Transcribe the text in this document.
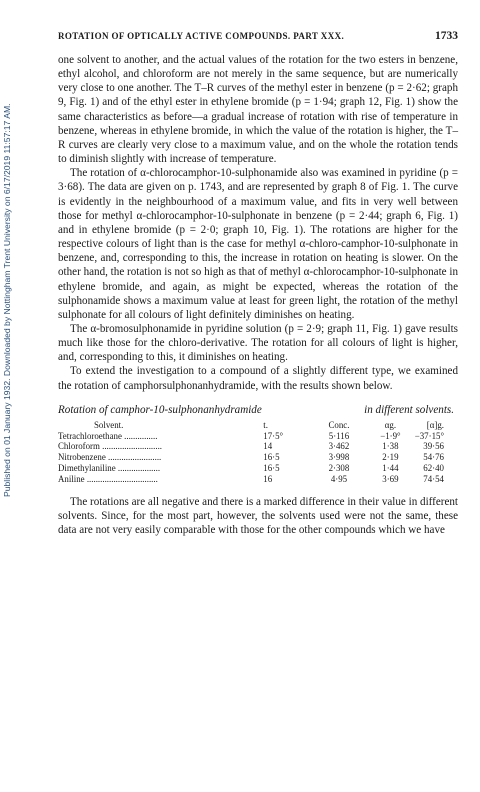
Published on 01 January 1932. Downloaded by Nottingham Trent University on 6/17/2019 11:57:17 AM.
ROTATION OF OPTICALLY ACTIVE COMPOUNDS. PART XXX.	1733

one solvent to another, and the actual values of the rotation for the two esters in benzene, ethyl alcohol, and chloroform are not merely in the same sequence, but are numerically very close to one another. The T–R curves of the methyl ester in benzene (p = 2·62; graph 9, Fig. 1) and of the ethyl ester in ethylene bromide (p = 1·94; graph 12, Fig. 1) show the same characteristics as before—a gradual increase of rotation with rise of temperature in benzene, whereas in ethylene bromide, in which the value of the rotation is higher, the T–R curves are clearly very close to a maximum value, and on the whole the rotation tends to diminish slightly with increase of temperature.

The rotation of α-chlorocamphor-10-sulphonamide also was examined in pyridine (p = 3·68). The data are given on p. 1743, and are represented by graph 8 of Fig. 1. The curve is evidently in the neighbourhood of a maximum value, and fits in very well between those for methyl α-chlorocamphor-10-sulphonate in benzene (p = 2·44; graph 6, Fig. 1) and in ethylene bromide (p = 2·0; graph 10, Fig. 1). The rotations are higher for the respective colours of light than is the case for methyl α-chloro-camphor-10-sulphonate in benzene, and, corresponding to this, the increase in rotation on heating is slower. On the other hand, the rotation is not so high as that of methyl α-chlorocamphor-10-sulphonate in ethylene bromide, and again, as might be expected, whereas the rotation of the sulphonamide shows a maximum value at least for green light, the rotation of the methyl sulphonate for all colours of light definitely diminishes on heating.

The α-bromosulphonamide in pyridine solution (p = 2·9; graph 11, Fig. 1) gave results much like those for the chloro-derivative. The rotation for all colours of light is higher, and, corresponding to this, it diminishes on heating.

To extend the investigation to a compound of a slightly different type, we examined the rotation of camphorsulphonanhydramide, with the results shown below.

Rotation of camphor-10-sulphonanhydramide	in different solvents.
Solvent.	t.	Conc.	αg.	[α]g.
Tetrachloroethane ...............	17·5°	5·116	−1·9°	−37·15°
Chloroform ...........................	14	3·462	1·38	39·56
Nitrobenzene ........................	16·5	3·998	2·19	54·76
Dimethylaniline ...................	16·5	2·308	1·44	62·40
Aniline ................................	16	4·95	3·69	74·54

The rotations are all negative and there is a marked difference in their value in different solvents. Since, for the most part, however, the solvents used were not the same, these data are not very easily comparable with those for the other compounds which we have
